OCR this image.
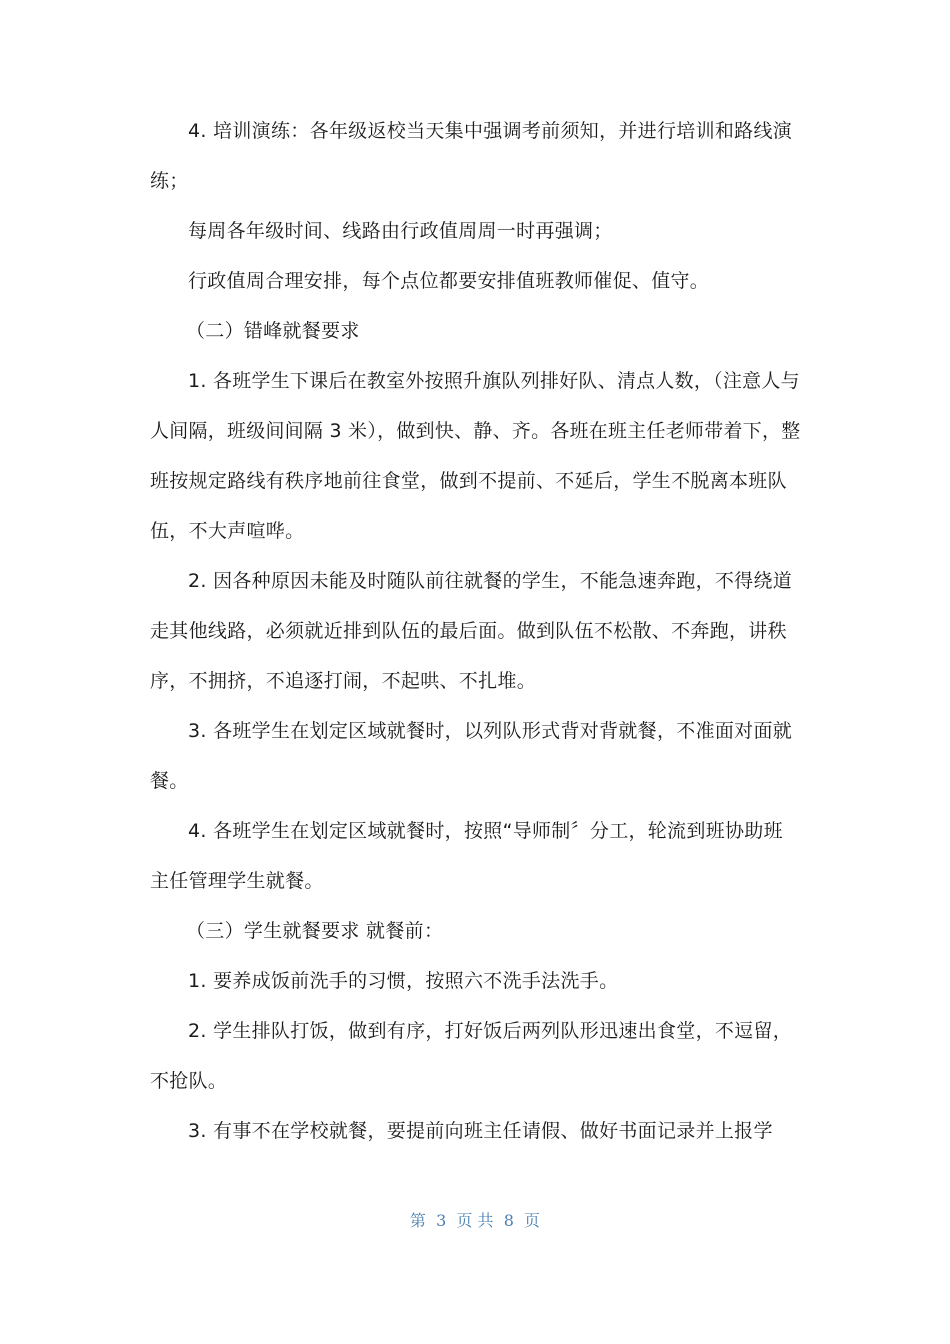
4. 培训演练：各年级返校当天集中强调考前须知，并进行培训和路线演

练；

每周各年级时间、线路由行政值周周一时再强调；

行政值周合理安排，每个点位都要安排值班教师催促、值守。

（二）错峰就餐要求

1. 各班学生下课后在教室外按照升旗队列排好队、清点人数，（注意人与

人间隔，班级间间隔 3 米），做到快、静、齐。各班在班主任老师带着下，整

班按规定路线有秩序地前往食堂，做到不提前、不延后，学生不脱离本班队

伍，不大声喧哗。

2. 因各种原因未能及时随队前往就餐的学生，不能急速奔跑，不得绕道

走其他线路，必须就近排到队伍的最后面。做到队伍不松散、不奔跑，讲秩

序，不拥挤，不追逐打闹，不起哄、不扎堆。

3. 各班学生在划定区域就餐时，以列队形式背对背就餐，不准面对面就

餐。

4. 各班学生在划定区域就餐时，按照“导师制〞分工，轮流到班协助班

主任管理学生就餐。

（三）学生就餐要求 就餐前：

1. 要养成饭前洗手的习惯，按照六不洗手法洗手。

2. 学生排队打饭，做到有序，打好饭后两列队形迅速出食堂，不逗留，

不抢队。

3. 有事不在学校就餐，要提前向班主任请假、做好书面记录并上报学

第  3  页 共  8  页
